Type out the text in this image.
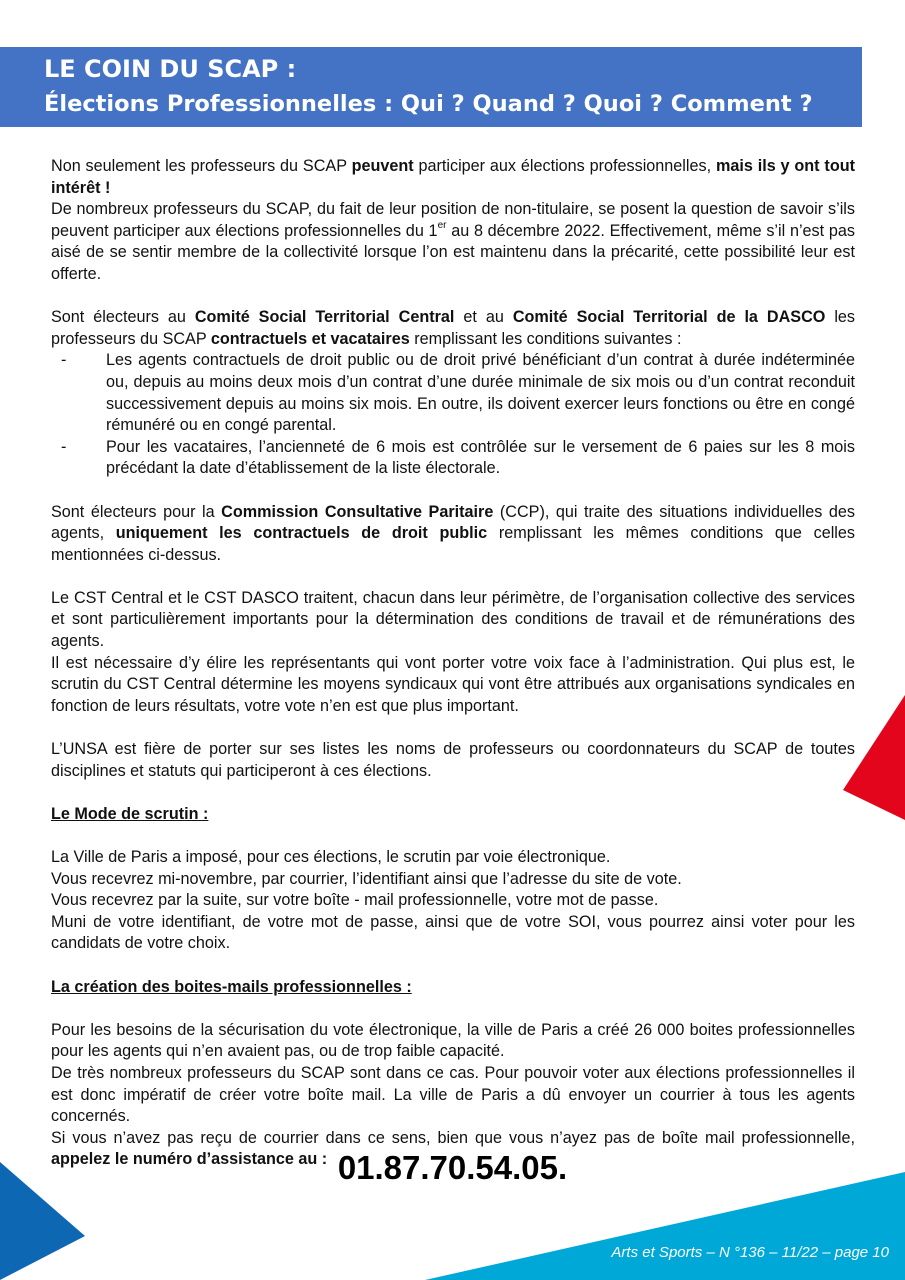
LE COIN DU SCAP :
Élections Professionnelles : Qui ? Quand ? Quoi ? Comment ?

Non seulement les professeurs du SCAP peuvent participer aux élections professionnelles, mais ils y ont tout intérêt !

De nombreux professeurs du SCAP, du fait de leur position de non-titulaire, se posent la question de savoir s’ils peuvent participer aux élections professionnelles du 1er au 8 décembre 2022. Effectivement, même s’il n’est pas aisé de se sentir membre de la collectivité lorsque l’on est maintenu dans la précarité, cette possibilité leur est offerte.

Sont électeurs au Comité Social Territorial Central et au Comité Social Territorial de la DASCO les professeurs du SCAP contractuels et vacataires remplissant les conditions suivantes :

- Les agents contractuels de droit public ou de droit privé bénéficiant d’un contrat à durée indéterminée ou, depuis au moins deux mois d’un contrat d’une durée minimale de six mois ou d’un contrat reconduit successivement depuis au moins six mois. En outre, ils doivent exercer leurs fonctions ou être en congé rémunéré ou en congé parental.
- Pour les vacataires, l’ancienneté de 6 mois est contrôlée sur le versement de 6 paies sur les 8 mois précédant la date d’établissement de la liste électorale.

Sont électeurs pour la Commission Consultative Paritaire (CCP), qui traite des situations individuelles des agents, uniquement les contractuels de droit public remplissant les mêmes conditions que celles mentionnées ci-dessus.

Le CST Central et le CST DASCO traitent, chacun dans leur périmètre, de l’organisation collective des services et sont particulièrement importants pour la détermination des conditions de travail et de rémunérations des agents.

Il est nécessaire d’y élire les représentants qui vont porter votre voix face à l’administration. Qui plus est, le scrutin du CST Central détermine les moyens syndicaux qui vont être attribués aux organisations syndicales en fonction de leurs résultats, votre vote n’en est que plus important.

L’UNSA est fière de porter sur ses listes les noms de professeurs ou coordonnateurs du SCAP de toutes disciplines et statuts qui participeront à ces élections.

Le Mode de scrutin :

La Ville de Paris a imposé, pour ces élections, le scrutin par voie électronique.

Vous recevrez mi-novembre, par courrier, l’identifiant ainsi que l’adresse du site de vote.

Vous recevrez par la suite, sur votre boîte - mail professionnelle, votre mot de passe.

Muni de votre identifiant, de votre mot de passe, ainsi que de votre SOI, vous pourrez ainsi voter pour les candidats de votre choix.

La création des boites-mails professionnelles :

Pour les besoins de la sécurisation du vote électronique, la ville de Paris a créé 26 000 boites professionnelles pour les agents qui n’en avaient pas, ou de trop faible capacité.

De très nombreux professeurs du SCAP sont dans ce cas. Pour pouvoir voter aux élections professionnelles il est donc impératif de créer votre boîte mail. La ville de Paris a dû envoyer un courrier à tous les agents concernés.

Si vous n’avez pas reçu de courrier dans ce sens, bien que vous n’ayez pas de boîte mail professionnelle, appelez le numéro d’assistance au : 01.87.70.54.05.
Arts et Sports – N °136 – 11/22 – page 10
